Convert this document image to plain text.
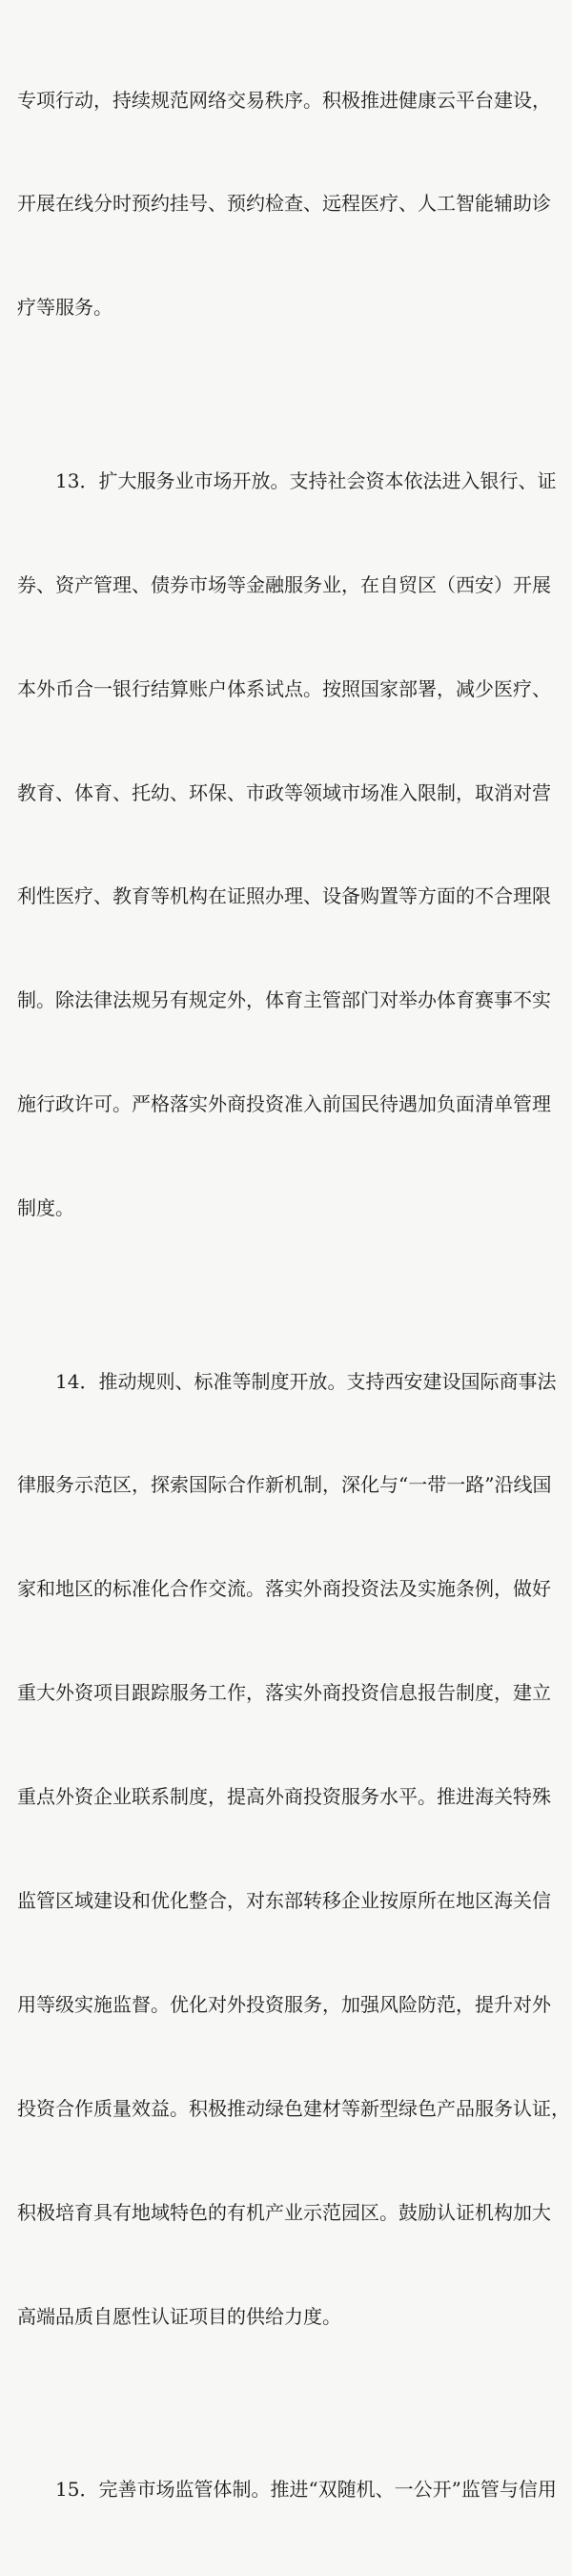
专项行动，持续规范网络交易秩序。积极推进健康云平台建设，

开展在线分时预约挂号、预约检查、远程医疗、人工智能辅助诊

疗等服务。

13．扩大服务业市场开放。支持社会资本依法进入银行、证

券、资产管理、债券市场等金融服务业，在自贸区（西安）开展

本外币合一银行结算账户体系试点。按照国家部署，减少医疗、

教育、体育、托幼、环保、市政等领域市场准入限制，取消对营

利性医疗、教育等机构在证照办理、设备购置等方面的不合理限

制。除法律法规另有规定外，体育主管部门对举办体育赛事不实

施行政许可。严格落实外商投资准入前国民待遇加负面清单管理

制度。

14．推动规则、标准等制度开放。支持西安建设国际商事法

律服务示范区，探索国际合作新机制，深化与“一带一路”沿线国

家和地区的标准化合作交流。落实外商投资法及实施条例，做好

重大外资项目跟踪服务工作，落实外商投资信息报告制度，建立

重点外资企业联系制度，提高外商投资服务水平。推进海关特殊

监管区域建设和优化整合，对东部转移企业按原所在地区海关信

用等级实施监督。优化对外投资服务，加强风险防范，提升对外

投资合作质量效益。积极推动绿色建材等新型绿色产品服务认证，

积极培育具有地域特色的有机产业示范园区。鼓励认证机构加大

高端品质自愿性认证项目的供给力度。

15．完善市场监管体制。推进“双随机、一公开”监管与信用
